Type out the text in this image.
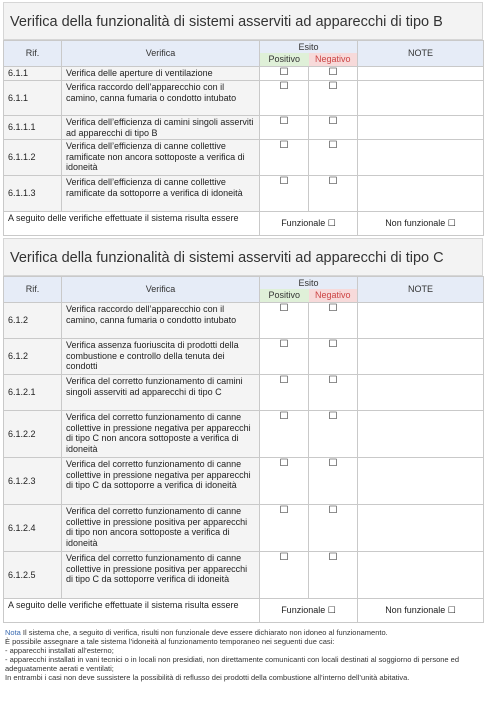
Verifica della funzionalità di sistemi asserviti ad apparecchi di tipo B
Rif.	Verifica	Esito
Positivo Negativo		NOTE
6.1.1	Verifica delle aperture di ventilazione	☐	☐	
6.1.1	Verifica raccordo dell’apparecchio con il camino, canna fumaria o condotto intubato	☐	☐	
6.1.1.1	Verifica dell’efficienza di camini singoli asserviti ad apparecchi di tipo B	☐	☐	
6.1.1.2	Verifica dell’efficienza di canne collettive ramificate non ancora sottoposte a verifica di idoneità	☐	☐	
6.1.1.3	Verifica dell’efficienza di canne collettive ramificate da sottoporre a verifica di idoneità	☐	☐	
A seguito delle verifiche effettuate il sistema risulta essere		Funzionale ☐		Non funzionale ☐
Verifica della funzionalità di sistemi asserviti ad apparecchi di tipo C
Rif.	Verifica	Esito
Positivo Negativo		NOTE
6.1.2	Verifica raccordo dell’apparecchio con il camino, canna fumaria o condotto intubato	☐	☐	
6.1.2	Verifica assenza fuoriuscita di prodotti della combustione e controllo della tenuta dei condotti	☐	☐	
6.1.2.1	Verifica del corretto funzionamento di camini singoli asserviti ad apparecchi di tipo C	☐	☐	
6.1.2.2	Verifica del corretto funzionamento di canne collettive in pressione negativa per apparecchi di tipo C non ancora sottoposte a verifica di idoneità	☐	☐	
6.1.2.3	Verifica del corretto funzionamento di canne collettive in pressione negativa per apparecchi di tipo C da sottoporre a verifica di idoneità	☐	☐	
6.1.2.4	Verifica del corretto funzionamento di canne collettive in pressione positiva per apparecchi di tipo non ancora sottoposte a verifica di idoneità	☐	☐	
6.1.2.5	Verifica del corretto funzionamento di canne collettive in pressione positiva per apparecchi di tipo C da sottoporre verifica di idoneità	☐	☐	
A seguito delle verifiche effettuate il sistema risulta essere		Funzionale ☐		Non funzionale ☐
Nota Il sistema che, a seguito di verifica, risulti non funzionale deve essere dichiarato non idoneo al funzionamento.
È possibile assegnare a tale sistema l’idoneità al funzionamento temporaneo nei seguenti due casi:
- apparecchi installati all’esterno;
- apparecchi installati in vani tecnici o in locali non presidiati, non direttamente comunicanti con locali destinati al soggiorno di persone ed adeguatamente aerati e ventilati;
In entrambi i casi non deve sussistere la possibilità di reflusso dei prodotti della combustione all’interno dell’unità abitativa.
